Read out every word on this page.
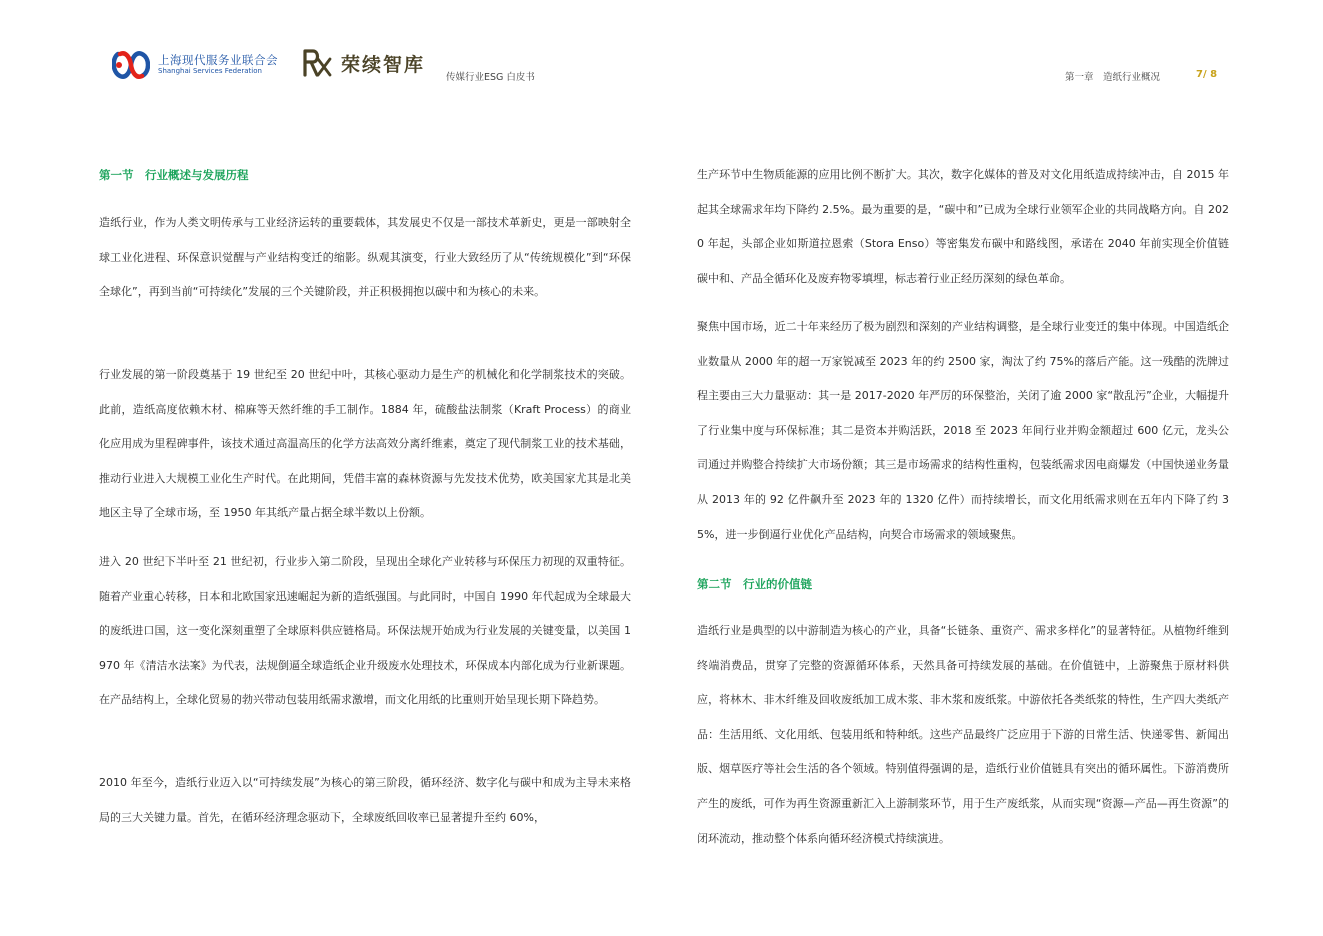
上海现代服务业联合会
Shanghai Services Federation	荣续智库
传媒行业ESG 白皮书	第一章　造纸行业概况	7/ 8
第一节　行业概述与发展历程
造纸行业，作为人类文明传承与工业经济运转的重要载体，其发展史不仅是一部技术革新史，更是一部映射全球工业化进程、环保意识觉醒与产业结构变迁的缩影。纵观其演变，行业大致经历了从“传统规模化”到“环保全球化”，再到当前“可持续化”发展的三个关键阶段，并正积极拥抱以碳中和为核心的未来。
行业发展的第一阶段奠基于 19 世纪至 20 世纪中叶，其核心驱动力是生产的机械化和化学制浆技术的突破。此前，造纸高度依赖木材、棉麻等天然纤维的手工制作。1884 年，硫酸盐法制浆（Kraft Process）的商业化应用成为里程碑事件，该技术通过高温高压的化学方法高效分离纤维素，奠定了现代制浆工业的技术基础，推动行业进入大规模工业化生产时代。在此期间，凭借丰富的森林资源与先发技术优势，欧美国家尤其是北美地区主导了全球市场，至 1950 年其纸产量占据全球半数以上份额。
进入 20 世纪下半叶至 21 世纪初，行业步入第二阶段，呈现出全球化产业转移与环保压力初现的双重特征。随着产业重心转移，日本和北欧国家迅速崛起为新的造纸强国。与此同时，中国自 1990 年代起成为全球最大的废纸进口国，这一变化深刻重塑了全球原料供应链格局。环保法规开始成为行业发展的关键变量，以美国 1970 年《清洁水法案》为代表，法规倒逼全球造纸企业升级废水处理技术，环保成本内部化成为行业新课题。在产品结构上，全球化贸易的勃兴带动包装用纸需求激增，而文化用纸的比重则开始呈现长期下降趋势。
2010 年至今，造纸行业迈入以“可持续发展”为核心的第三阶段，循环经济、数字化与碳中和成为主导未来格局的三大关键力量。首先，在循环经济理念驱动下，全球废纸回收率已显著提升至约 60%，
生产环节中生物质能源的应用比例不断扩大。其次，数字化媒体的普及对文化用纸造成持续冲击，自 2015 年起其全球需求年均下降约 2.5%。最为重要的是，“碳中和”已成为全球行业领军企业的共同战略方向。自 2020 年起，头部企业如斯道拉恩索（Stora Enso）等密集发布碳中和路线图，承诺在 2040 年前实现全价值链碳中和、产品全循环化及废弃物零填埋，标志着行业正经历深刻的绿色革命。
聚焦中国市场，近二十年来经历了极为剧烈和深刻的产业结构调整，是全球行业变迁的集中体现。中国造纸企业数量从 2000 年的超一万家锐减至 2023 年的约 2500 家，淘汰了约 75%的落后产能。这一残酷的洗牌过程主要由三大力量驱动：其一是 2017-2020 年严厉的环保整治，关闭了逾 2000 家“散乱污”企业，大幅提升了行业集中度与环保标准；其二是资本并购活跃，2018 至 2023 年间行业并购金额超过 600 亿元，龙头公司通过并购整合持续扩大市场份额；其三是市场需求的结构性重构，包装纸需求因电商爆发（中国快递业务量从 2013 年的 92 亿件飙升至 2023 年的 1320 亿件）而持续增长，而文化用纸需求则在五年内下降了约 35%，进一步倒逼行业优化产品结构，向契合市场需求的领域聚焦。
第二节　行业的价值链
造纸行业是典型的以中游制造为核心的产业，具备“长链条、重资产、需求多样化”的显著特征。从植物纤维到终端消费品，贯穿了完整的资源循环体系，天然具备可持续发展的基础。在价值链中，上游聚焦于原材料供应，将林木、非木纤维及回收废纸加工成木浆、非木浆和废纸浆。中游依托各类纸浆的特性，生产四大类纸产品：生活用纸、文化用纸、包装用纸和特种纸。这些产品最终广泛应用于下游的日常生活、快递零售、新闻出版、烟草医疗等社会生活的各个领域。特别值得强调的是，造纸行业价值链具有突出的循环属性。下游消费所产生的废纸，可作为再生资源重新汇入上游制浆环节，用于生产废纸浆，从而实现“资源—产品—再生资源”的闭环流动，推动整个体系向循环经济模式持续演进。
